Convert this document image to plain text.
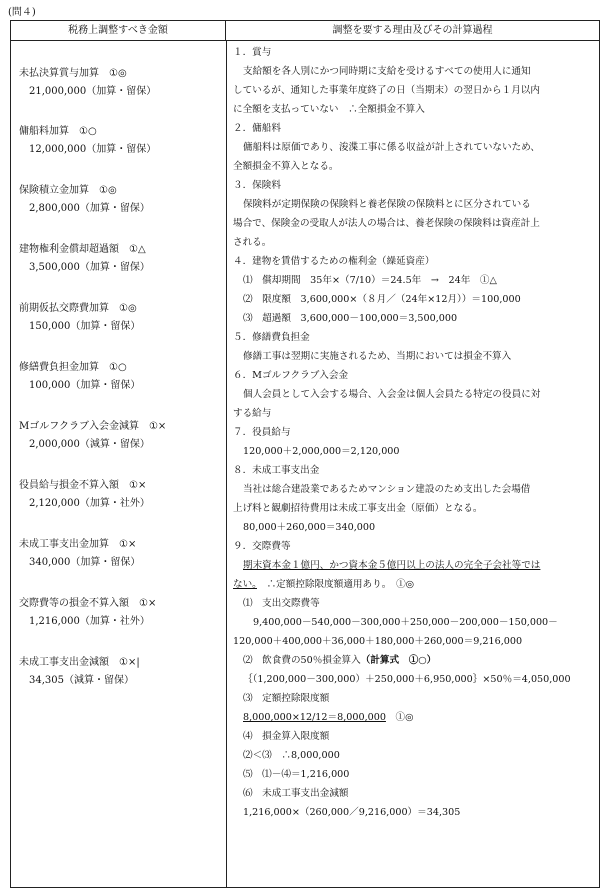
(問４)
税務上調整すべき金額	調整を要する理由及びその計算過程
未払決算賞与加算 ①◎
21,000,000（加算・留保）
傭船料加算 ①○
12,000,000（加算・留保）
保険積立金加算 ①◎
2,800,000（加算・留保）
建物権利金償却超過額 ①△
3,500,000（加算・留保）
前期仮払交際費加算 ①◎
150,000（加算・留保）
修繕費負担金加算 ①○
100,000（加算・留保）
Mゴルフクラブ入会金減算 ①×
2,000,000（減算・留保）
役員給与損金不算入額 ①×
2,120,000（加算・社外）
未成工事支出金加算 ①×
340,000（加算・留保）
交際費等の損金不算入額 ①×
1,216,000（加算・社外）
未成工事支出金減額 ①×|
34,305（減算・留保）

１．賞与

支給額を各人別にかつ同時期に支給を受けるすべての使用人に通知

しているが、通知した事業年度終了の日（当期末）の翌日から１月以内

に全額を支払っていない　∴全額損金不算入

２．傭船料

傭船料は原価であり、浚渫工事に係る収益が計上されていないため、

全額損金不算入となる。

３．保険料

保険料が定期保険の保険料と養老保険の保険料とに区分されている

場合で、保険金の受取人が法人の場合は、養老保険の保険料は資産計上

される。

４．建物を賃借するための権利金（繰延資産）

⑴　償却期間　35年×（7/10）＝24.5年　→　24年　①△

⑵　限度額　3,600,000×（８月／（24年×12月））＝100,000

⑶　超過額　3,600,000－100,000＝3,500,000

５．修繕費負担金

修繕工事は翌期に実施されるため、当期においては損金不算入

６．Mゴルフクラブ入会金

個人会員として入会する場合、入会金は個人会員たる特定の役員に対

する給与

７．役員給与

120,000＋2,000,000＝2,120,000

８．未成工事支出金

当社は総合建設業であるためマンション建設のため支出した会場借

上げ料と観劇招待費用は未成工事支出金（原価）となる。

80,000＋260,000＝340,000

９．交際費等

期末資本金１億円、かつ資本金５億円以上の法人の完全子会社等では

ない。　 ∴定額控除限度額適用あり。　①◎

⑴　支出交際費等

9,400,000－540,000－300,000＋250,000－200,000－150,000－

120,000＋400,000＋36,000＋180,000＋260,000＝9,216,000

⑵　飲食費の50％損金算入（計算式　①○）

｛（1,200,000－300,000）＋250,000＋6,950,000｝×50％＝4,050,000

⑶　定額控除限度額

8,000,000×12/12＝8,000,000　 ①◎

⑷　損金算入限度額

⑵＜⑶　∴8,000,000

⑸　⑴－⑷＝1,216,000

⑹　未成工事支出金減額

1,216,000×（260,000／9,216,000）＝34,305
